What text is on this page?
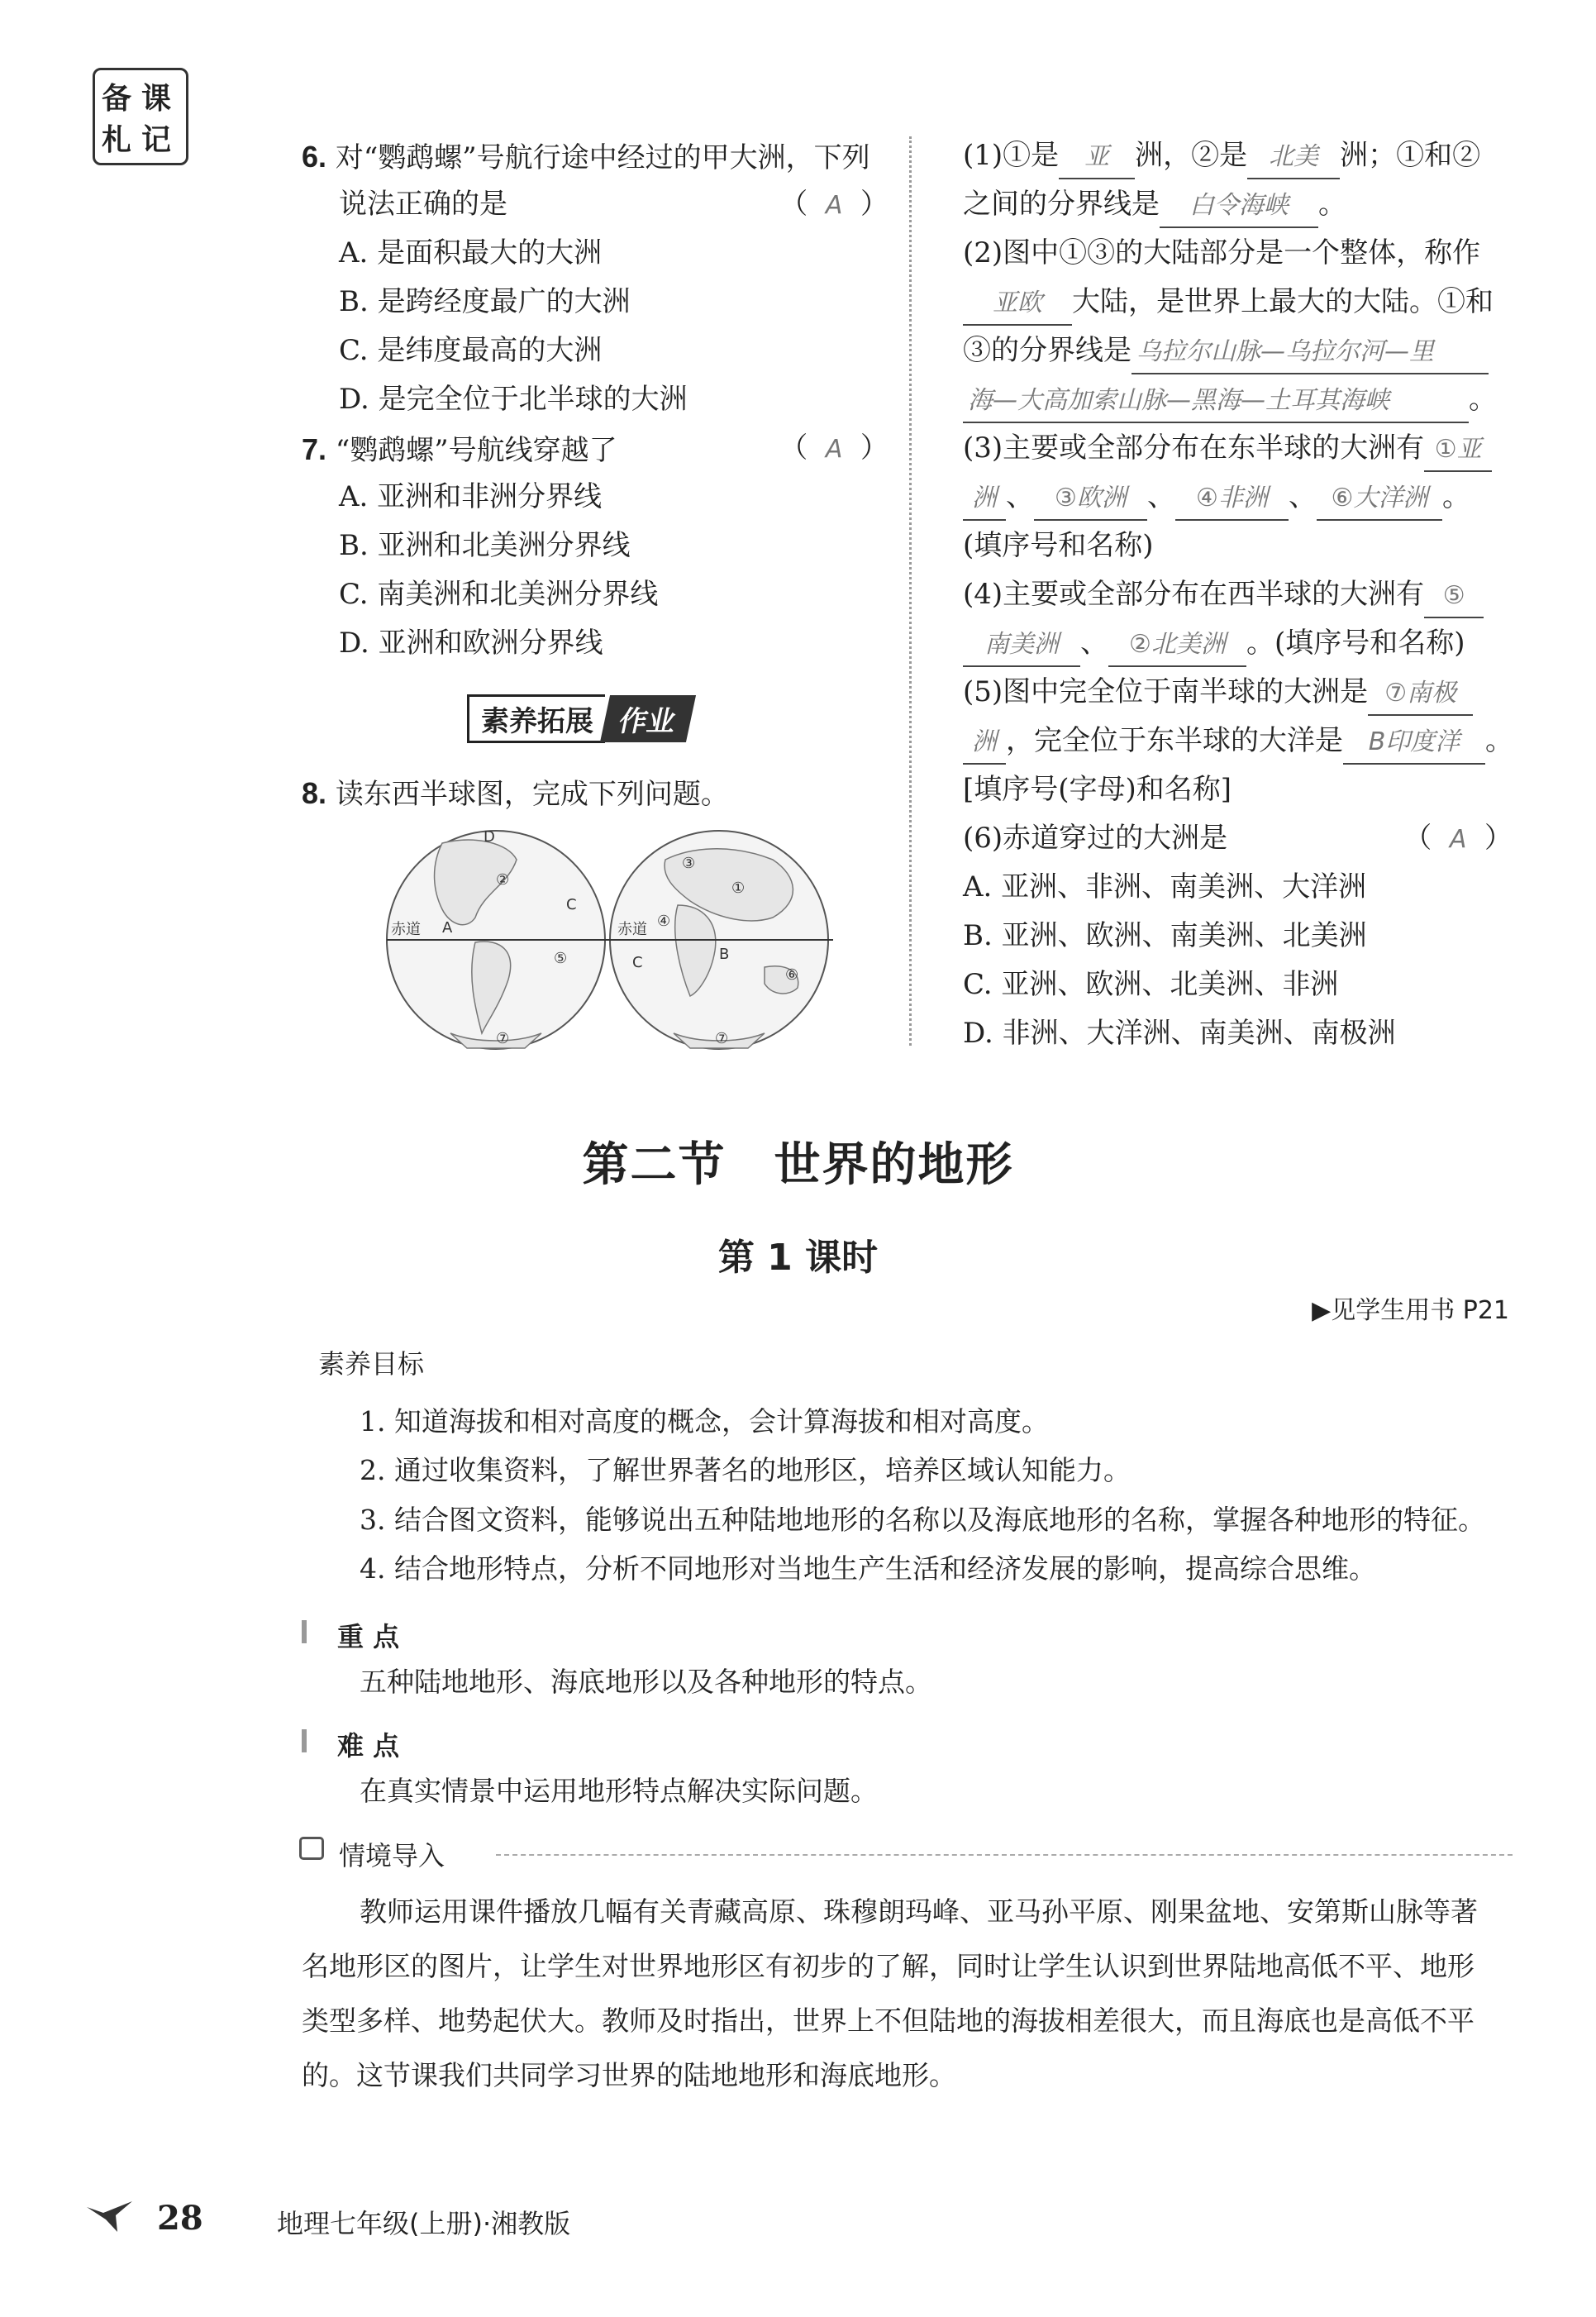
备 课
札 记	6. 对“鹦鹉螺”号航行途中经过的甲大洲，下列
说法正确的是	（  A  ）
A. 是面积最大的大洲
B. 是跨经度最广的大洲
C. 是纬度最高的大洲
D. 是完全位于北半球的大洲
7. “鹦鹉螺”号航线穿越了	（  A  ）
A. 亚洲和非洲分界线
B. 亚洲和北美洲分界线
C. 南美洲和北美洲分界线
D. 亚洲和欧洲分界线
素养拓展 作业
8. 读东西半球图，完成下列问题。
赤道	赤道
D
②
C
A
⑤
⑦
③
①
④
B
C
⑥
⑦
(1)①是 亚 洲，②是 北美 洲；①和②
之间的分界线是 白令海峡 。
(2)图中①③的大陆部分是一个整体，称作
亚欧 大陆，是世界上最大的大陆。①和
③的分界线是 乌拉尔山脉—乌拉尔河—里
海—大高加索山脉—黑海—土耳其海峡	。
(3)主要或全部分布在东半球的大洲有 ①亚
洲 、 ③欧洲 、 ④非洲 、 ⑥大洋洲 。
(填序号和名称)
(4)主要或全部分布在西半球的大洲有 ⑤
南美洲 、 ②北美洲 。(填序号和名称)
(5)图中完全位于南半球的大洲是 ⑦南极
洲 ，完全位于东半球的大洋是 B印度洋 。
[填序号(字母)和名称]
(6)赤道穿过的大洲是	（  A  ）
A. 亚洲、非洲、南美洲、大洋洲
B. 亚洲、欧洲、南美洲、北美洲
C. 亚洲、欧洲、北美洲、非洲
D. 非洲、大洋洲、南美洲、南极洲
第二节　世界的地形
第 1 课时
▶见学生用书 P21
素养目标
1. 知道海拔和相对高度的概念，会计算海拔和相对高度。
2. 通过收集资料，了解世界著名的地形区，培养区域认知能力。
3. 结合图文资料，能够说出五种陆地地形的名称以及海底地形的名称，掌握各种地形的特征。
4. 结合地形特点，分析不同地形对当地生产生活和经济发展的影响，提高综合思维。
重 点
五种陆地地形、海底地形以及各种地形的特点。
难 点
在真实情景中运用地形特点解决实际问题。
情境导入
教师运用课件播放几幅有关青藏高原、珠穆朗玛峰、亚马孙平原、刚果盆地、安第斯山脉等著
名地形区的图片，让学生对世界地形区有初步的了解，同时让学生认识到世界陆地高低不平、地形
类型多样、地势起伏大。教师及时指出，世界上不但陆地的海拔相差很大，而且海底也是高低不平
的。这节课我们共同学习世界的陆地地形和海底地形。
28	地理七年级(上册)·湘教版
